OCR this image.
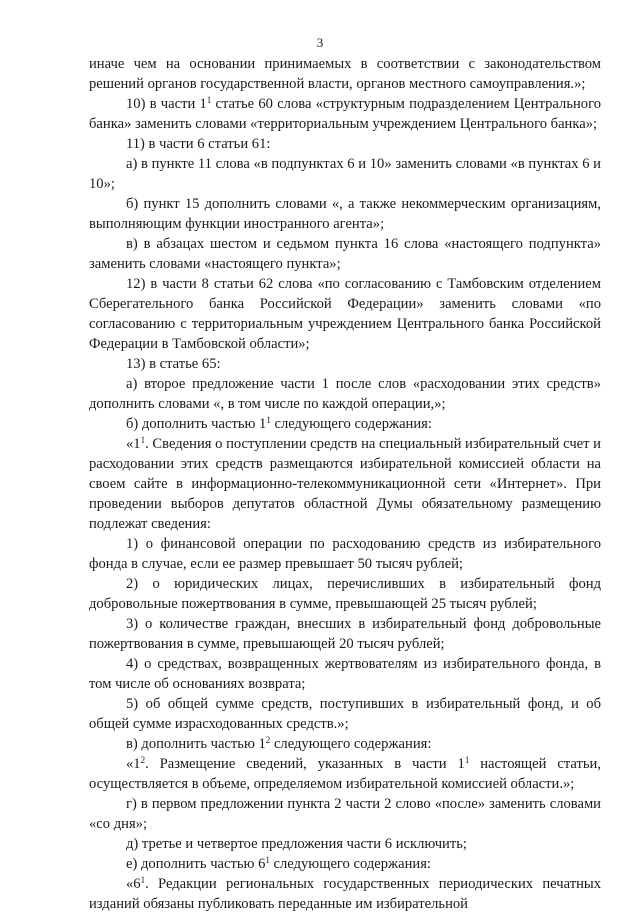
3

иначе чем на основании принимаемых в соответствии с законодательством решений органов государственной власти, органов местного самоуправления.»;

10) в части $1^1$ статье 60 слова «структурным подразделением Центрального банка» заменить словами «территориальным учреждением Центрального банка»;

11) в части 6 статьи 61:

а) в пункте 11 слова «в подпунктах 6 и 10» заменить словами «в пунктах 6 и 10»;

б) пункт 15 дополнить словами «, а также некоммерческим организациям, выполняющим функции иностранного агента»;

в) в абзацах шестом и седьмом пункта 16 слова «настоящего подпункта» заменить словами «настоящего пункта»;

12) в части 8 статьи 62 слова «по согласованию с Тамбовским отделением Сберегательного банка Российской Федерации» заменить словами «по согласованию с территориальным учреждением Центрального банка Российской Федерации в Тамбовской области»;

13) в статье 65:

а) второе предложение части 1 после слов «расходовании этих средств» дополнить словами «, в том числе по каждой операции,»;

б) дополнить частью $1^1$ следующего содержания:

«$1^1$. Сведения о поступлении средств на специальный избирательный счет и расходовании этих средств размещаются избирательной комиссией области на своем сайте в информационно-телекоммуникационной сети «Интернет». При проведении выборов депутатов областной Думы обязательному размещению подлежат сведения:

1) о финансовой операции по расходованию средств из избирательного фонда в случае, если ее размер превышает 50 тысяч рублей;

2) о юридических лицах, перечисливших в избирательный фонд добровольные пожертвования в сумме, превышающей 25 тысяч рублей;

3) о количестве граждан, внесших в избирательный фонд добровольные пожертвования в сумме, превышающей 20 тысяч рублей;

4) о средствах, возвращенных жертвователям из избирательного фонда, в том числе об основаниях возврата;

5) об общей сумме средств, поступивших в избирательный фонд, и об общей сумме израсходованных средств.»;

в) дополнить частью $1^2$ следующего содержания:

«$1^2$. Размещение сведений, указанных в части $1^1$ настоящей статьи, осуществляется в объеме, определяемом избирательной комиссией области.»;

г) в первом предложении пункта 2 части 2 слово «после» заменить словами «со дня»;

д) третье и четвертое предложения части 6 исключить;

е) дополнить частью $6^1$ следующего содержания:

«$6^1$. Редакции региональных государственных периодических печатных изданий обязаны публиковать переданные им избирательной
